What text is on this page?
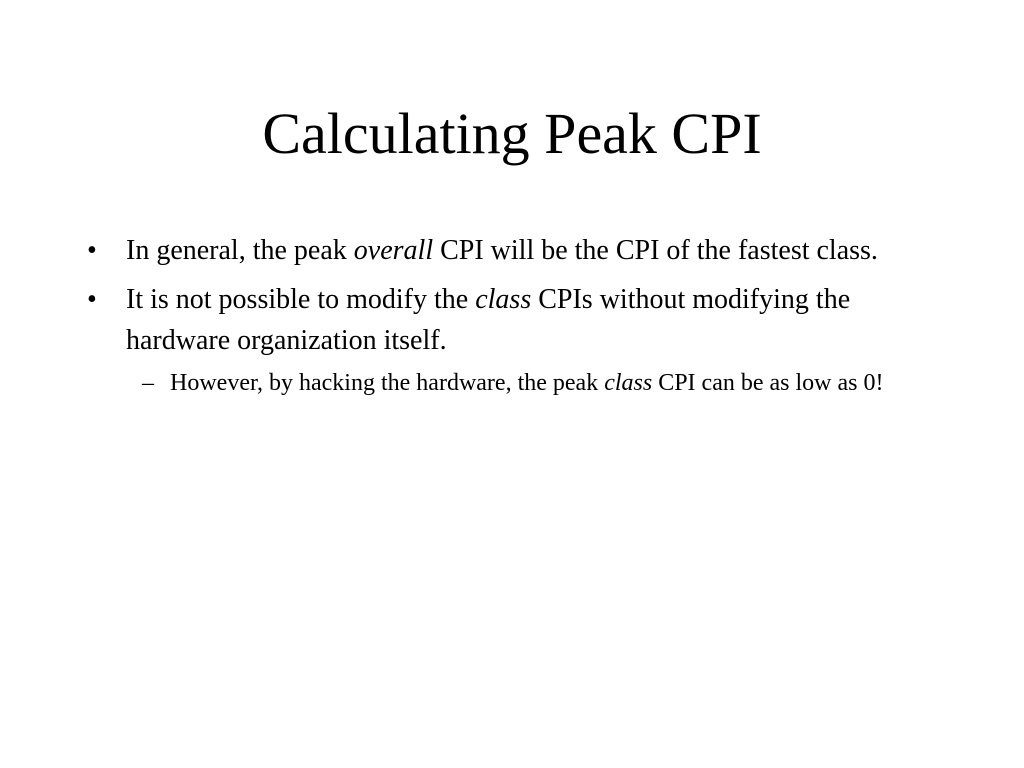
Calculating Peak CPI
• In general, the peak overall CPI will be the CPI of the fastest class.
• It is not possible to modify the class CPIs without modifying the hardware organization itself.
– However, by hacking the hardware, the peak class CPI can be as low as 0!
